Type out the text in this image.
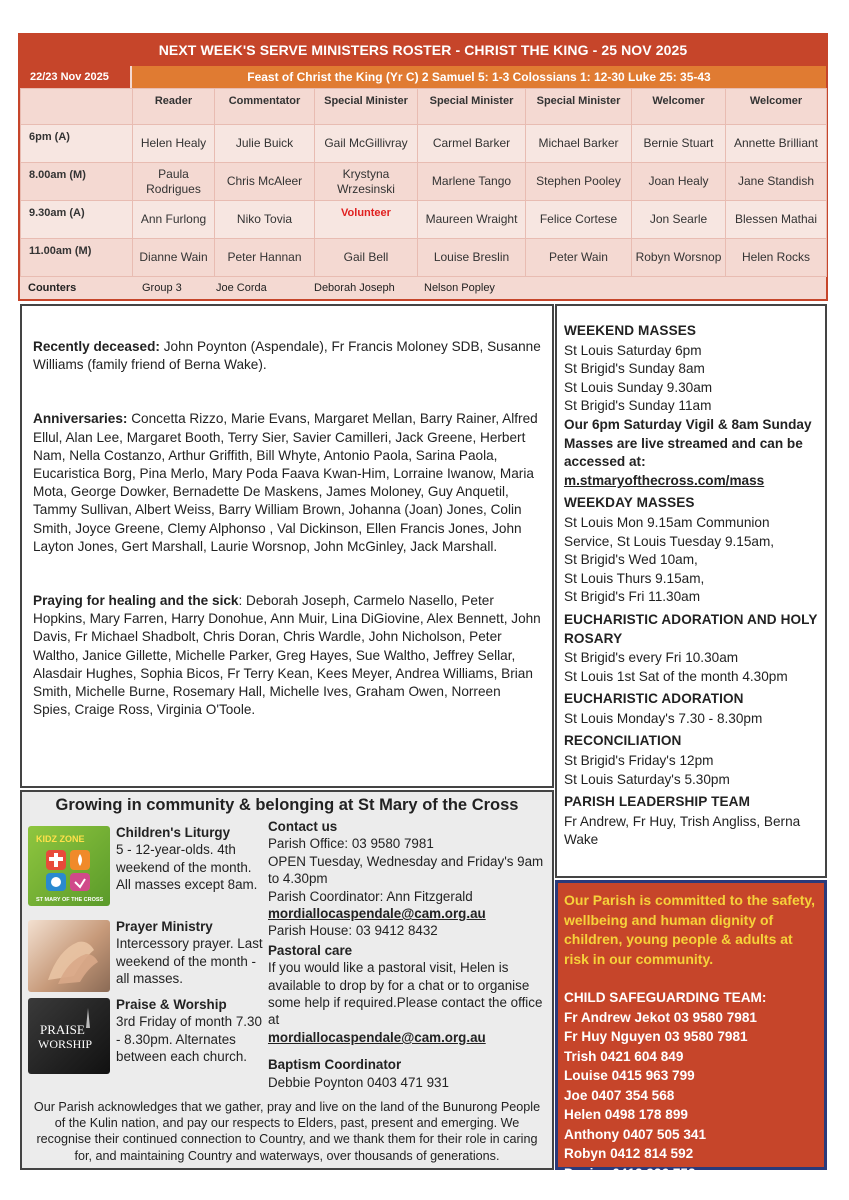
NEXT WEEK'S SERVE MINISTERS ROSTER - CHRIST THE KING - 25 NOV 2025
22/23 Nov 2025	Feast of Christ the King (Yr C) 2 Samuel 5: 1-3 Colossians 1: 12-30 Luke 25: 35-43
	Reader	Commentator	Special Minister	Special Minister	Special Minister	Welcomer	Welcomer
6pm (A)	Helen Healy	Julie Buick	Gail McGillivray	Carmel Barker	Michael Barker	Bernie Stuart	Annette Brilliant
8.00am (M)	Paula Rodrigues	Chris McAleer	Krystyna Wrzesinski	Marlene Tango	Stephen Pooley	Joan Healy	Jane Standish
9.30am (A)	Ann Furlong	Niko Tovia	Volunteer	Maureen Wraight	Felice Cortese	Jon Searle	Blessen Mathai
11.00am (M)	Dianne Wain	Peter Hannan	Gail Bell	Louise Breslin	Peter Wain	Robyn Worsnop	Helen Rocks
Counters	Group 3	Joe Corda	Deborah Joseph	Nelson Popley

Recently deceased: John Poynton (Aspendale), Fr Francis Moloney SDB, Susanne Williams (family friend of Berna Wake).

Anniversaries: Concetta Rizzo, Marie Evans, Margaret Mellan, Barry Rainer, Alfred Ellul, Alan Lee, Margaret Booth, Terry Sier, Savier Camilleri, Jack Greene, Herbert Nam, Nella Costanzo, Arthur Griffith, Bill Whyte, Antonio Paola, Sarina Paola, Eucaristica Borg, Pina Merlo, Mary Poda Faava Kwan-Him, Lorraine Iwanow, Maria Mota, George Dowker, Bernadette De Maskens, James Moloney, Guy Anquetil, Tammy Sullivan, Albert Weiss, Barry William Brown, Johanna (Joan) Jones, Colin Smith, Joyce Greene, Clemy Alphonso , Val Dickinson, Ellen Francis Jones, John Layton Jones, Gert Marshall, Laurie Worsnop, John McGinley, Jack Marshall.

Praying for healing and the sick: Deborah Joseph, Carmelo Nasello, Peter Hopkins, Mary Farren, Harry Donohue, Ann Muir, Lina DiGiovine, Alex Bennett, John Davis, Fr Michael Shadbolt, Chris Doran, Chris Wardle, John Nicholson, Peter Waltho, Janice Gillette, Michelle Parker, Greg Hayes, Sue Waltho, Jeffrey Sellar, Alasdair Hughes, Sophia Bicos, Fr Terry Kean, Kees Meyer, Andrea Williams, Brian Smith, Michelle Burne, Rosemary Hall, Michelle Ives, Graham Owen, Norreen Spies, Craige Ross, Virginia O'Toole.

WEEKEND MASSES
St Louis Saturday 6pm
St Brigid's Sunday 8am
St Louis Sunday 9.30am
St Brigid's Sunday 11am
Our 6pm Saturday Vigil & 8am Sunday Masses are live streamed and can be accessed at:
m.stmaryofthecross.com/mass
WEEKDAY MASSES
St Louis Mon 9.15am Communion Service, St Louis Tuesday 9.15am,
St Brigid's Wed 10am,
St Louis Thurs 9.15am,
St Brigid's Fri 11.30am
EUCHARISTIC ADORATION AND HOLY ROSARY
St Brigid's every Fri 10.30am
St Louis 1st Sat of the month 4.30pm
EUCHARISTIC ADORATION
St Louis Monday's 7.30 - 8.30pm
RECONCILIATION
St Brigid's Friday's 12pm
St Louis Saturday's 5.30pm
PARISH LEADERSHIP TEAM
Fr Andrew, Fr Huy, Trish Angliss, Berna Wake
Our Parish is committed to the safety, wellbeing and human dignity of children, young people & adults at risk in our community.
CHILD SAFEGUARDING TEAM:
Fr Andrew Jekot 03 9580 7981
Fr Huy Nguyen 03 9580 7981
Trish 0421 604 849
Louise 0415 963 799
Joe 0407 354 568
Helen 0498 178 899
Anthony 0407 505 341
Robyn 0412 814 592
Denise 0412 926 752
Growing in community & belonging at St Mary of the Cross
KIDZ ZONE
ST MARY OF THE CROSS
Children's Liturgy
5 - 12-year-olds. 4th weekend of the month. All masses except 8am.
Prayer Ministry
Intercessory prayer. Last weekend of the month - all masses.
PRAISE
WORSHIP
Praise & Worship
3rd Friday of month 7.30 - 8.30pm. Alternates between each church.
Contact us
Parish Office: 03 9580 7981
OPEN Tuesday, Wednesday and Friday's 9am to 4.30pm
Parish Coordinator: Ann Fitzgerald
mordiallocaspendale@cam.org.au
Parish House: 03 9412 8432
Pastoral care
If you would like a pastoral visit, Helen is available to drop by for a chat or to organise some help if required.Please contact the office at
mordiallocaspendale@cam.org.au
Baptism Coordinator
Debbie Poynton 0403 471 931
Our Parish acknowledges that we gather, pray and live on the land of the Bunurong People of the Kulin nation, and pay our respects to Elders, past, present and emerging. We recognise their continued connection to Country, and we thank them for their role in caring for, and maintaining Country and waterways, over thousands of generations.
